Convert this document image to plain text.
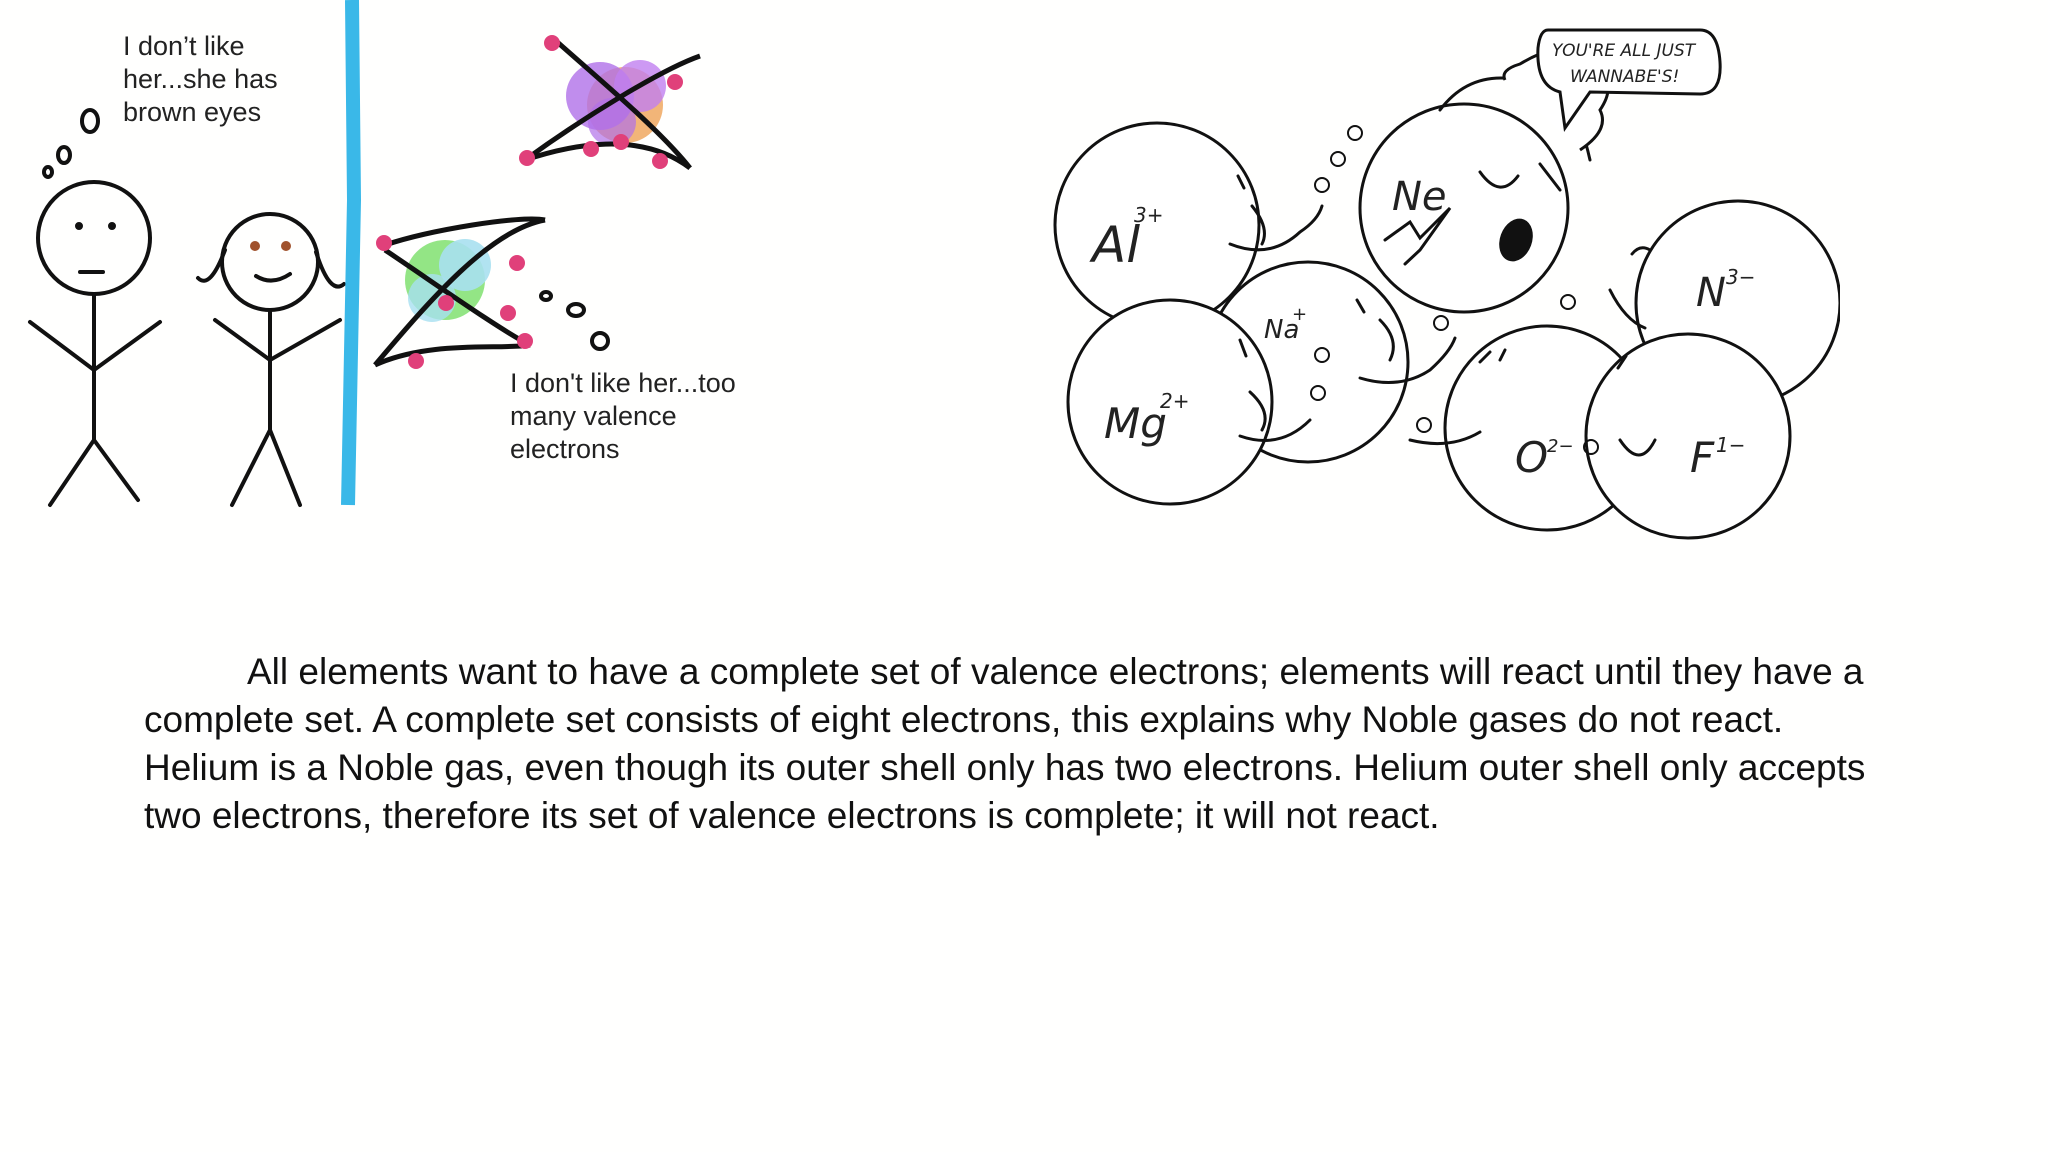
I don’t like her...she has brown eyes
I don't like her...too many valence electrons
YOU'RE ALL JUST
WANNABE'S!
Al
3+	Ne
Na
+
Mg
2+
N 3−
O
2−	F 1−
All elements want to have a complete set of valence electrons; elements will react until they have a complete set. A complete set consists of eight electrons, this explains why Noble gases do not react. Helium is a Noble gas, even though its outer shell only has two electrons. Helium outer shell only accepts two electrons, therefore its set of valence electrons is complete; it will not react.
